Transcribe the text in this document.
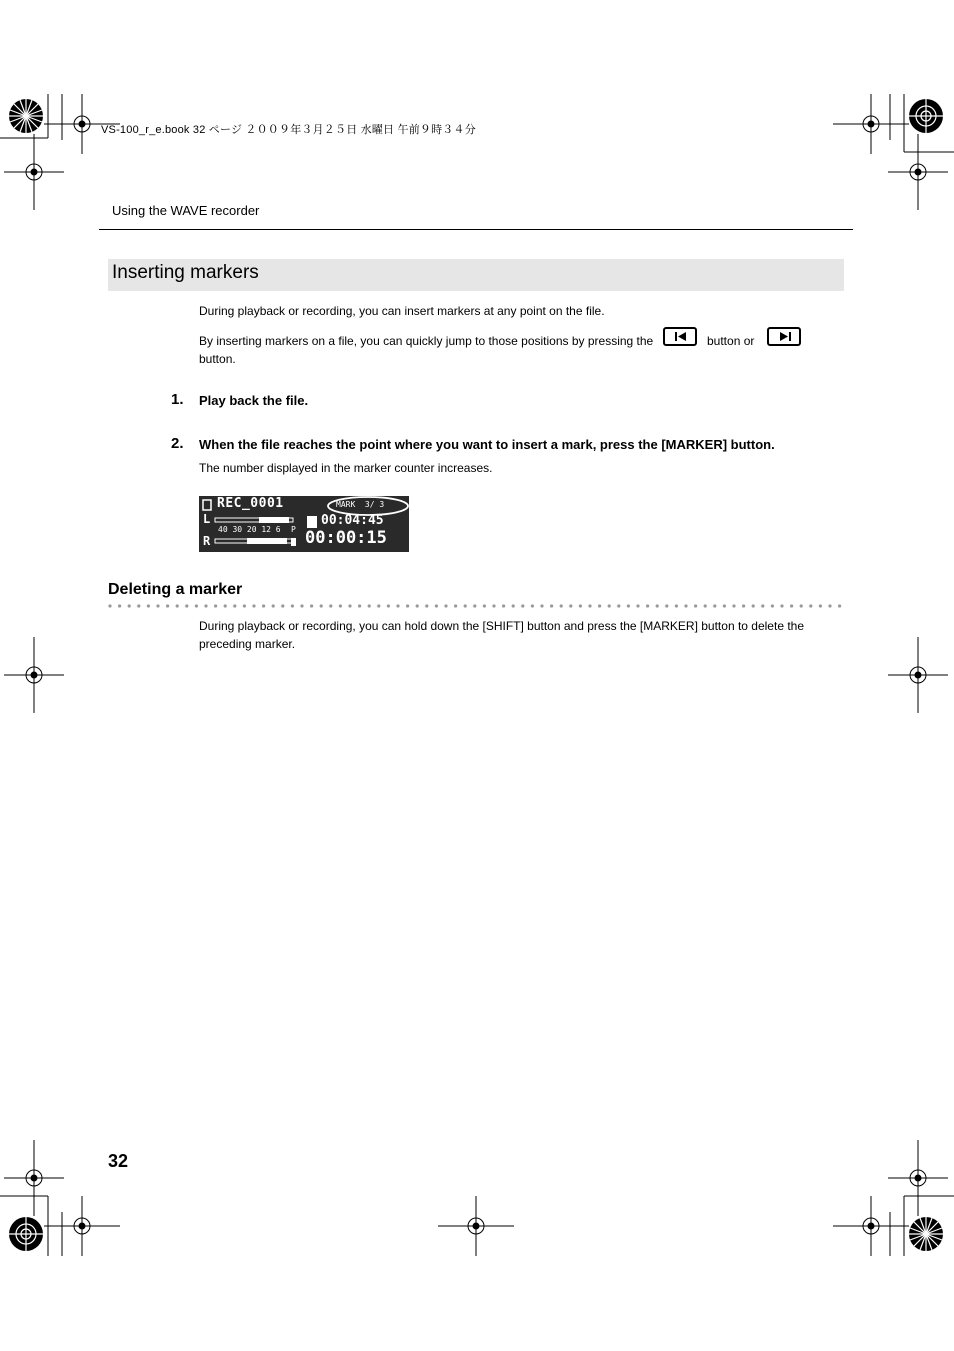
VS-100_r_e.book 32 ページ ２００９年３月２５日 水曜日 午前９時３４分
Using the WAVE recorder
Inserting markers
During playback or recording, you can insert markers at any point on the file.
By inserting markers on a file, you can quickly jump to those positions by pressing the	button or
button.
1. Play back the file.
2. When the file reaches the point where you want to insert a mark, press the [MARKER] button.
The number displayed in the marker counter increases.
REC_0001	MARK  3/ 3
L
40 30 20 12 6 P
R
00:04:45
00:00:15
Deleting a marker
During playback or recording, you can hold down the [SHIFT] button and press the [MARKER] button to delete the
preceding marker.
32
